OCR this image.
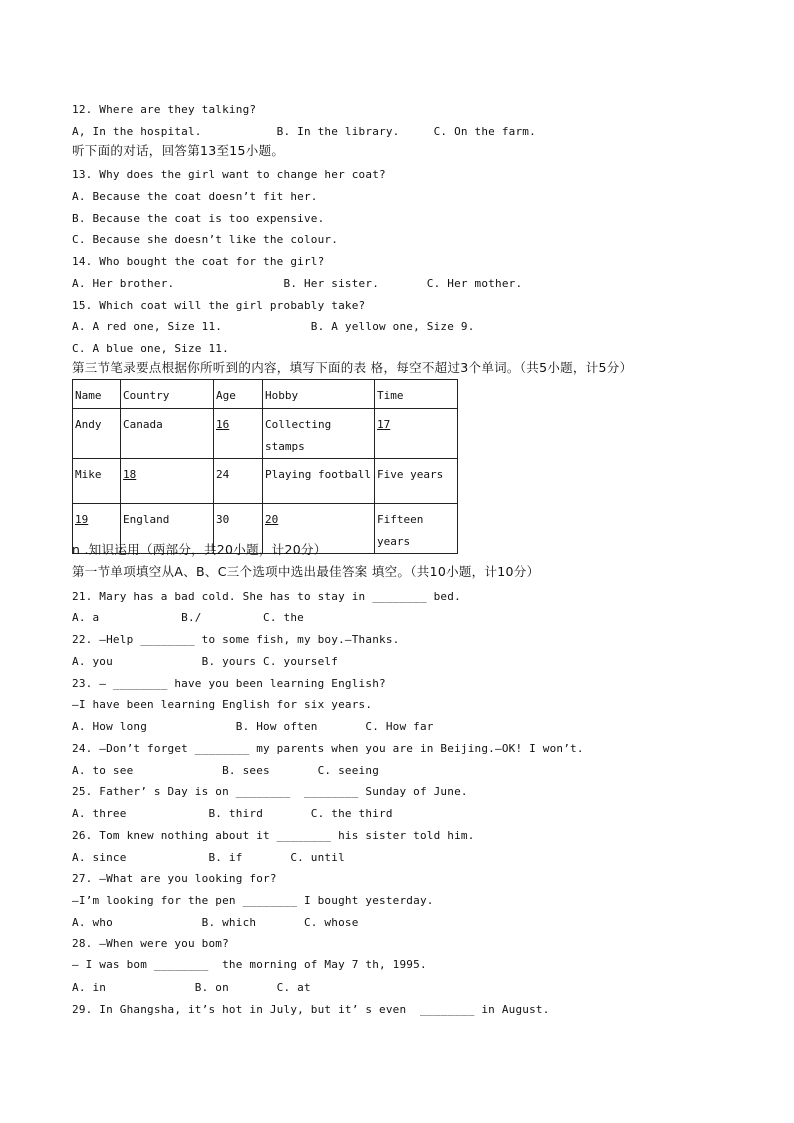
12. Where are they talking?
A, In the hospital.           B. In the library.     C. On the farm.
听下面的对话，回答第13至15小题。
13. Why does the girl want to change her coat?
A. Because the coat doesn’t fit her.
B. Because the coat is too expensive.
C. Because she doesn’t like the colour.
14. Who bought the coat for the girl?
A. Her brother.                B. Her sister.       C. Her mother.
15. Which coat will the girl probably take?
A. A red one, Size 11.             B. A yellow one, Size 9.
C. A blue one, Size 11.
第三节笔录要点根据你所听到的内容，填写下面的表 格，每空不超过3个单词。（共5小题，计5分）
Name	Country	Age	Hobby	Time
Andy	Canada	16	Collecting stamps	17
Mike	18	24	Playing football	Five years
19	England	30	20	Fifteen years
n .知识运用（两部分，共20小题，计20分）
第一节单项填空从A、B、C三个选项中选出最佳答案 填空。（共10小题，计10分）
21. Mary has a bad cold. She has to stay in ________ bed.
A. a            B./         C. the
22. —Help ________ to some fish, my boy.—Thanks.
A. you             B. yours C. yourself
23. — ________ have you been learning English?
—I have been learning English for six years.
A. How long             B. How often       C. How far
24. —Don’t forget ________ my parents when you are in Beijing.—OK! I won’t.
A. to see             B. sees       C. seeing
25. Father’ s Day is on ________  ________ Sunday of June.
A. three            B. third       C. the third
26. Tom knew nothing about it ________ his sister told him.
A. since            B. if       C. until
27. —What are you looking for?
—I’m looking for the pen ________ I bought yesterday.
A. who             B. which       C. whose
28. —When were you bom?
— I was bom ________  the morning of May 7 th, 1995.
A. in             B. on       C. at
29. In Ghangsha, it’s hot in July, but it’ s even  ________ in August.
